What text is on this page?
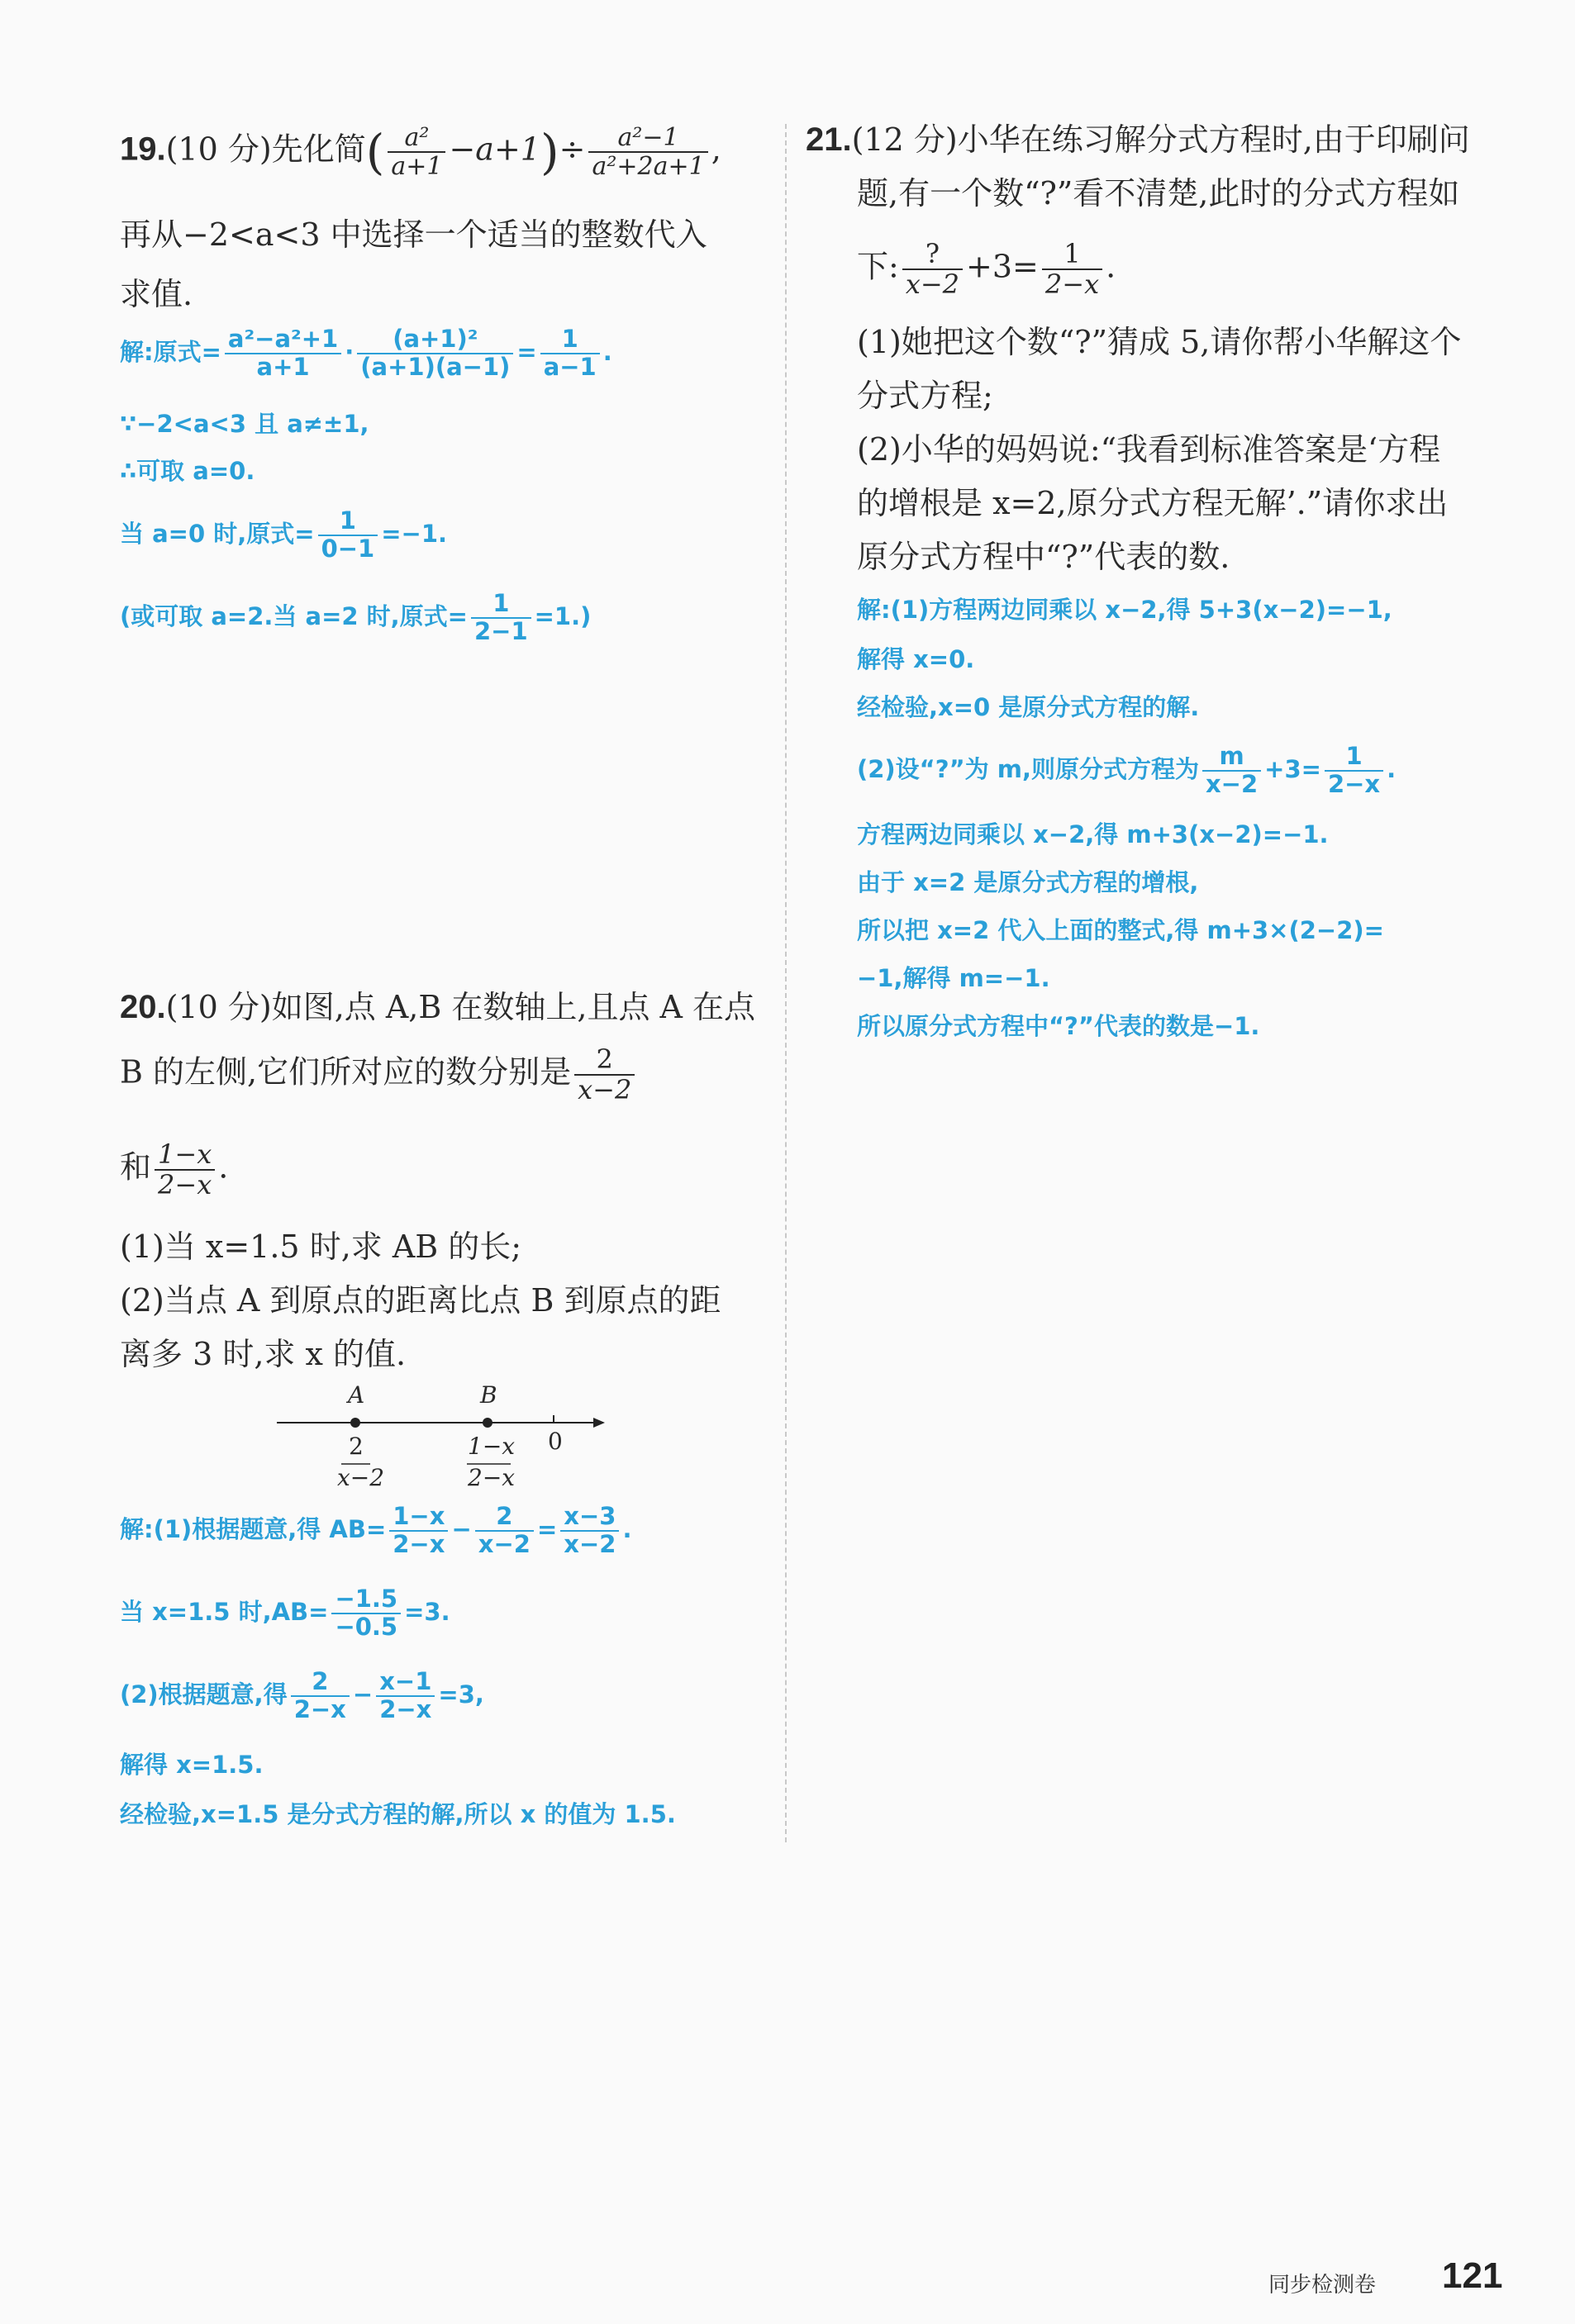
19.(10 分)先化简( $\frac{\text{a²}}{a+1} -a+1)\div \frac{\text{a²−1}}{\text{a²+2a+1}}$ ,
再从−2<a<3 中选择一个适当的整数代入
求值.
解:原式= $\frac{\text{a²−a²+1}}{a+1} \cdot \frac{\text{(a+1)²}}{(a+1)(a-1)} = \frac{1}{a-1}$ .
∵−2<a<3 且 a≠±1,
∴可取 a=0.
当 a=0 时,原式= $\frac{1}{0-1} =-1$.
(或可取 a=2.当 a=2 时,原式= $\frac{1}{2-1} =1$.)
20.(10 分)如图,点 A,B 在数轴上,且点 A 在点
B 的左侧,它们所对应的数分别是 $\frac{2}{x-2}$
和 $\frac{1-x}{2-x}$ .
(1)当 x=1.5 时,求 AB 的长;
(2)当点 A 到原点的距离比点 B 到原点的距
离多 3 时,求 x 的值.
A	B
0
2
x−2
1−x
2−x
解:(1)根据题意,得 $AB= \frac{1-x}{2-x} - \frac{2}{x-2} = \frac{x-3}{x-2}$ .
当 x=1.5 时$,AB= \frac{-1.5}{-0.5} =3$.
(2)根据题意,得 $\frac{2}{2-x} - \frac{x-1}{2-x} =3$,
解得 x=1.5.
经检验,x=1.5 是分式方程的解,所以 x 的值为 1.5.
21.(12 分)小华在练习解分式方程时,由于印刷问
题,有一个数“?”看不清楚,此时的分式方程如
下: $\frac{?}{x-2} +3= \frac{1}{2-x}$ .
(1)她把这个数“?”猜成 5,请你帮小华解这个
分式方程;
(2)小华的妈妈说:“我看到标准答案是‘方程
的增根是 x=2,原分式方程无解’.”请你求出
原分式方程中“?”代表的数.
解:(1)方程两边同乘以 x−2,得 5+3(x−2)=−1,
解得 x=0.
经检验,x=0 是原分式方程的解.
(2)设“?”为 m,则原分式方程为 $\frac{m}{x-2} +3= \frac{1}{2-x}$ .
方程两边同乘以 x−2,得 m+3(x−2)=−1.
由于 x=2 是原分式方程的增根,
所以把 x=2 代入上面的整式,得 m+3×(2−2)=
−1,解得 m=−1.
所以原分式方程中“?”代表的数是−1.
同步检测卷 121
